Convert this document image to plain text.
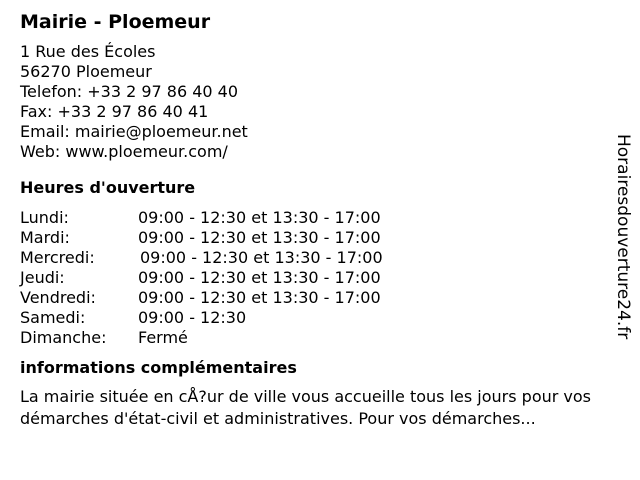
Mairie - Ploemeur
1 Rue des Écoles
56270 Ploemeur
Telefon: +33 2 97 86 40 40
Fax: +33 2 97 86 40 41
Email: mairie@ploemeur.net
Web: www.ploemeur.com/
Heures d'ouverture
Lundi:	09:00 - 12:30 et 13:30 - 17:00
Mardi:	09:00 - 12:30 et 13:30 - 17:00
Mercredi:	09:00 - 12:30 et 13:30 - 17:00
Jeudi:	09:00 - 12:30 et 13:30 - 17:00
Vendredi:	09:00 - 12:30 et 13:30 - 17:00
Samedi:	09:00 - 12:30
Dimanche: Fermé
informations complémentaires
La mairie située en cÅ?ur de ville vous accueille tous les jours pour vos démarches d'état-civil et administratives. Pour vos démarches...
Horairesdouverture24.fr
